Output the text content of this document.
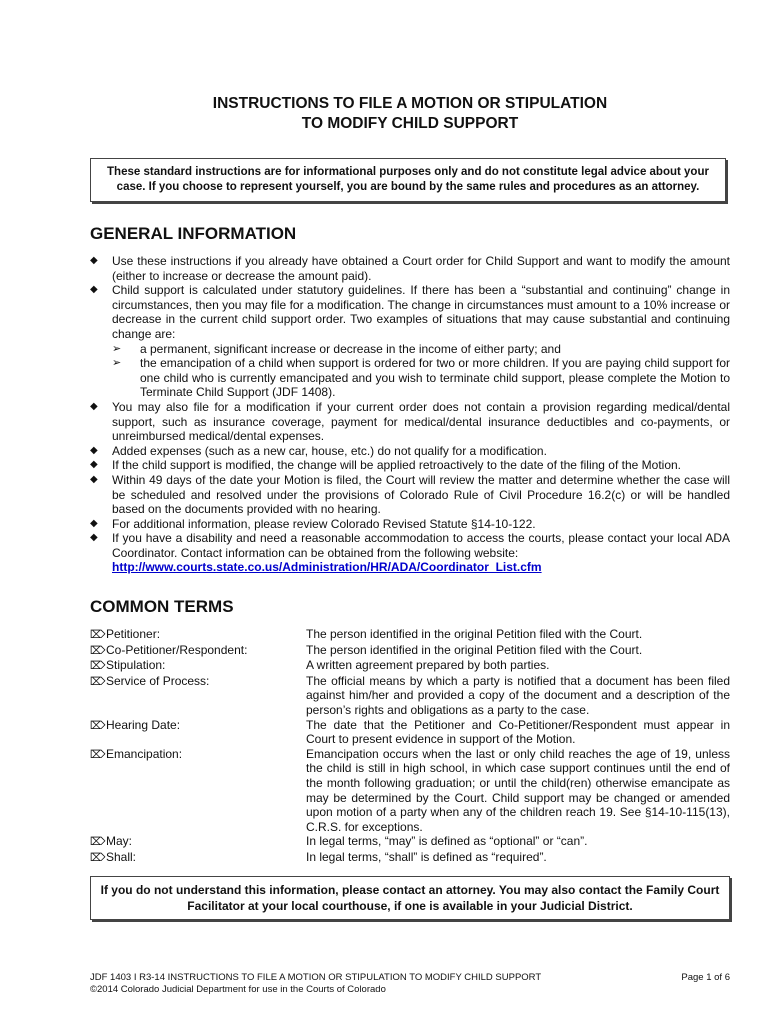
INSTRUCTIONS TO FILE A MOTION OR STIPULATION
TO MODIFY CHILD SUPPORT

These standard instructions are for informational purposes only and do not constitute legal advice about your case. If you choose to represent yourself, you are bound by the same rules and procedures as an attorney.
GENERAL INFORMATION
◆ Use these instructions if you already have obtained a Court order for Child Support and want to modify the amount (either to increase or decrease the amount paid).
◆ Child support is calculated under statutory guidelines. If there has been a “substantial and continuing” change in circumstances, then you may file for a modification. The change in circumstances must amount to a 10% increase or decrease in the current child support order. Two examples of situations that may cause substantial and continuing change are:
➢ a permanent, significant increase or decrease in the income of either party; and
➢ the emancipation of a child when support is ordered for two or more children. If you are paying child support for one child who is currently emancipated and you wish to terminate child support, please complete the Motion to Terminate Child Support (JDF 1408).
◆ You may also file for a modification if your current order does not contain a provision regarding medical/dental support, such as insurance coverage, payment for medical/dental insurance deductibles and co-payments, or unreimbursed medical/dental expenses.
◆ Added expenses (such as a new car, house, etc.) do not qualify for a modification.
◆ If the child support is modified, the change will be applied retroactively to the date of the filing of the Motion.
◆ Within 49 days of the date your Motion is filed, the Court will review the matter and determine whether the case will be scheduled and resolved under the provisions of Colorado Rule of Civil Procedure 16.2(c) or will be handled based on the documents provided with no hearing.
◆ For additional information, please review Colorado Revised Statute §14-10-122.
◆ If you have a disability and need a reasonable accommodation to access the courts, please contact your local ADA Coordinator. Contact information can be obtained from the following website:
http://www.courts.state.co.us/Administration/HR/ADA/Coordinator_List.cfm
COMMON TERMS
⌦Petitioner:	The person identified in the original Petition filed with the Court.
⌦Co-Petitioner/Respondent:	The person identified in the original Petition filed with the Court.
⌦Stipulation:	A written agreement prepared by both parties.
⌦Service of Process:	The official means by which a party is notified that a document has been filed against him/her and provided a copy of the document and a description of the person’s rights and obligations as a party to the case.
⌦Hearing Date:	The date that the Petitioner and Co-Petitioner/Respondent must appear in Court to present evidence in support of the Motion.
⌦Emancipation:	Emancipation occurs when the last or only child reaches the age of 19, unless the child is still in high school, in which case support continues until the end of the month following graduation; or until the child(ren) otherwise emancipate as may be determined by the Court. Child support may be changed or amended upon motion of a party when any of the children reach 19. See §14-10-115(13), C.R.S. for exceptions.
⌦May:	In legal terms, “may” is defined as “optional” or “can”.
⌦Shall:	In legal terms, “shall” is defined as “required”.
If you do not understand this information, please contact an attorney. You may also contact the Family Court Facilitator at your local courthouse, if one is available in your Judicial District.
JDF 1403 I R3-14 INSTRUCTIONS TO FILE A MOTION OR STIPULATION TO MODIFY CHILD SUPPORT	Page 1 of 6
©2014 Colorado Judicial Department for use in the Courts of Colorado
